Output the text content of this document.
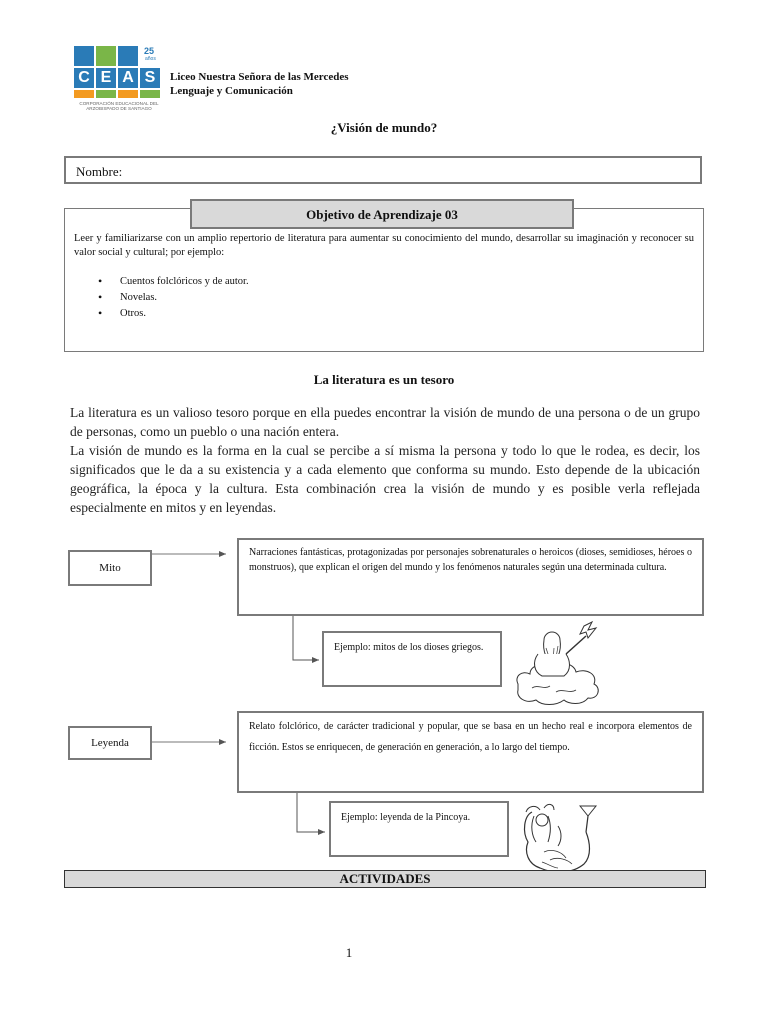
25
años
C E A S
CORPORACIÓN EDUCACIONAL DEL ARZOBISPADO DE SANTIAGO
Liceo Nuestra Señora de las Mercedes
Lenguaje y Comunicación
¿Visión de mundo?
Nombre:
Objetivo de Aprendizaje 03
Leer y familiarizarse con un amplio repertorio de literatura para aumentar su conocimiento del mundo, desarrollar su imaginación y reconocer su valor social y cultural; por ejemplo:
• Cuentos folclóricos y de autor.
• Novelas.
• Otros.
La literatura es un tesoro

La literatura es un valioso tesoro porque en ella puedes encontrar la visión de mundo de una persona o de un grupo de personas, como un pueblo o una nación entera.

La visión de mundo es la forma en la cual se percibe a sí misma la persona y todo lo que le rodea, es decir, los significados que le da a su existencia y a cada elemento que conforma su mundo. Esto depende de la ubicación geográfica, la época y la cultura. Esta combinación crea la visión de mundo y es posible verla reflejada especialmente en mitos y en leyendas.

Mito
Narraciones fantásticas, protagonizadas por personajes sobrenaturales o heroicos (dioses, semidioses, héroes o monstruos), que explican el origen del mundo y los fenómenos naturales según una determinada cultura.
Ejemplo: mitos de los dioses griegos.
Leyenda
Relato folclórico, de carácter tradicional y popular, que se basa en un hecho real e incorpora elementos de ficción. Estos se enriquecen, de generación en generación, a lo largo del tiempo.
Ejemplo: leyenda de la Pincoya.
ACTIVIDADES
1
